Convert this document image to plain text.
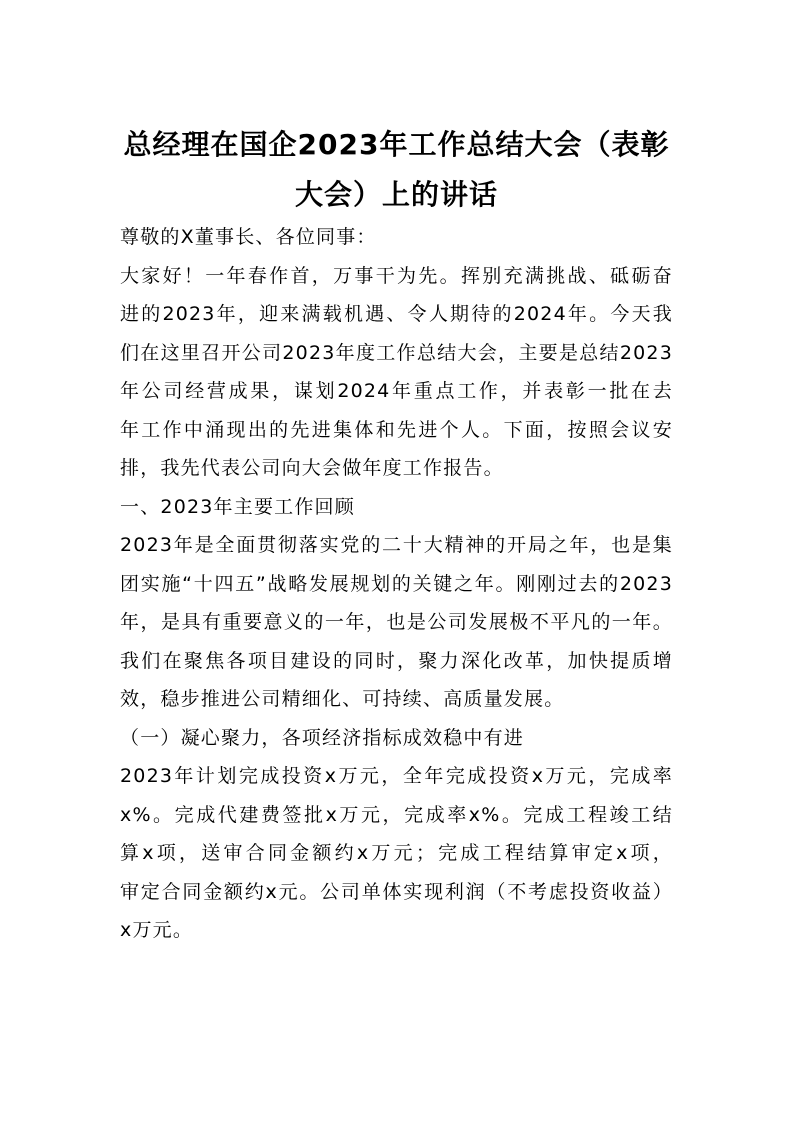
总经理在国企2023年工作总结大会（表彰
大会）上的讲话

尊敬的X董事长、各位同事：

大家好！一年春作首，万事干为先。挥别充满挑战、砥砺奋
进的2023年，迎来满载机遇、令人期待的2024年。今天我
们在这里召开公司2023年度工作总结大会，主要是总结2023
年公司经营成果，谋划2024年重点工作，并表彰一批在去
年工作中涌现出的先进集体和先进个人。下面，按照会议安
排，我先代表公司向大会做年度工作报告。

一、2023年主要工作回顾

2023年是全面贯彻落实党的二十大精神的开局之年，也是集
团实施“十四五”战略发展规划的关键之年。刚刚过去的2023
年，是具有重要意义的一年，也是公司发展极不平凡的一年。
我们在聚焦各项目建设的同时，聚力深化改革，加快提质增
效，稳步推进公司精细化、可持续、高质量发展。

（一）凝心聚力，各项经济指标成效稳中有进

2023年计划完成投资x万元，全年完成投资x万元，完成率
x%。完成代建费签批x万元，完成率x%。完成工程竣工结
算x项，送审合同金额约x万元；完成工程结算审定x项，
审定合同金额约x元。公司单体实现利润（不考虑投资收益）
x万元。
